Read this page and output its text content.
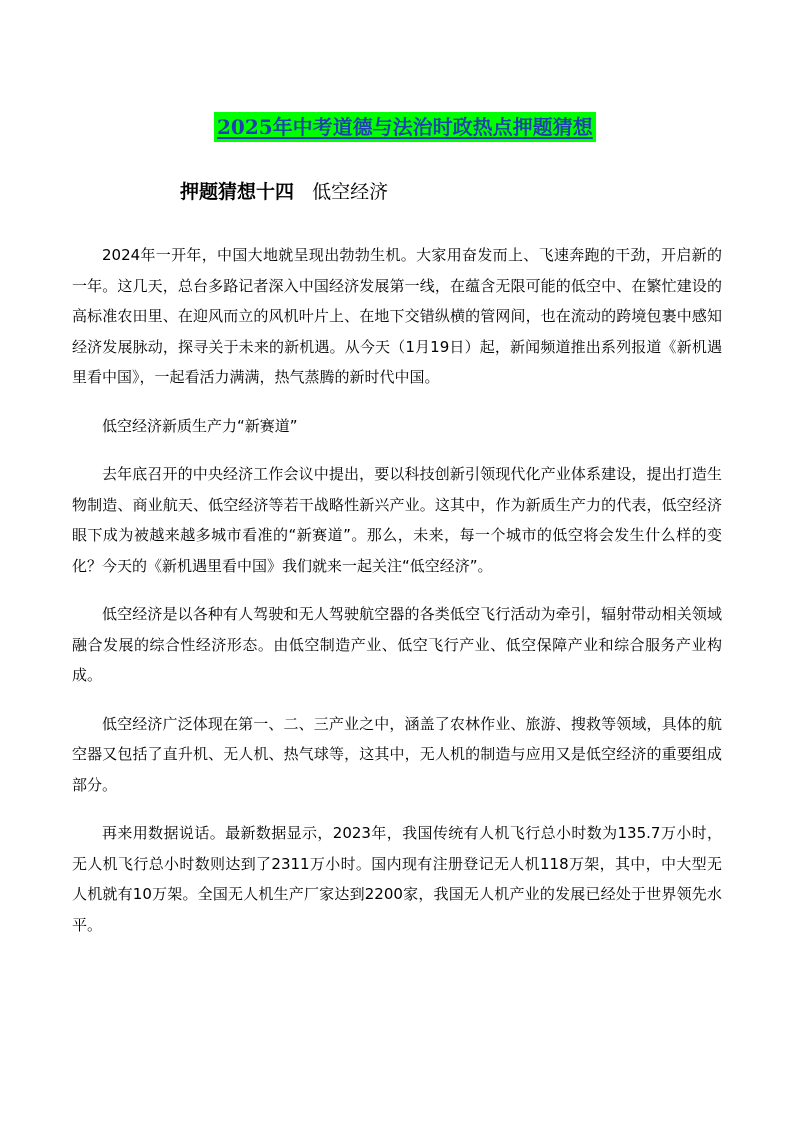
2025年中考道德与法治时政热点押题猜想
押题猜想十四 低空经济

2024年一开年，中国大地就呈现出勃勃生机。大家用奋发而上、飞速奔跑的干劲，开启新的一年。这几天，总台多路记者深入中国经济发展第一线，在蕴含无限可能的低空中、在繁忙建设的高标准农田里、在迎风而立的风机叶片上、在地下交错纵横的管网间，也在流动的跨境包裹中感知经济发展脉动，探寻关于未来的新机遇。从今天（1月19日）起，新闻频道推出系列报道《新机遇里看中国》，一起看活力满满，热气蒸腾的新时代中国。

低空经济新质生产力“新赛道”

去年底召开的中央经济工作会议中提出，要以科技创新引领现代化产业体系建设，提出打造生物制造、商业航天、低空经济等若干战略性新兴产业。这其中，作为新质生产力的代表，低空经济眼下成为被越来越多城市看准的“新赛道”。那么，未来，每一个城市的低空将会发生什么样的变化？今天的《新机遇里看中国》我们就来一起关注“低空经济”。

低空经济是以各种有人驾驶和无人驾驶航空器的各类低空飞行活动为牵引，辐射带动相关领域融合发展的综合性经济形态。由低空制造产业、低空飞行产业、低空保障产业和综合服务产业构成。

低空经济广泛体现在第一、二、三产业之中，涵盖了农林作业、旅游、搜救等领域，具体的航空器又包括了直升机、无人机、热气球等，这其中，无人机的制造与应用又是低空经济的重要组成部分。

再来用数据说话。最新数据显示，2023年，我国传统有人机飞行总小时数为135.7万小时，无人机飞行总小时数则达到了2311万小时。国内现有注册登记无人机118万架，其中，中大型无人机就有10万架。全国无人机生产厂家达到2200家，我国无人机产业的发展已经处于世界领先水平。
